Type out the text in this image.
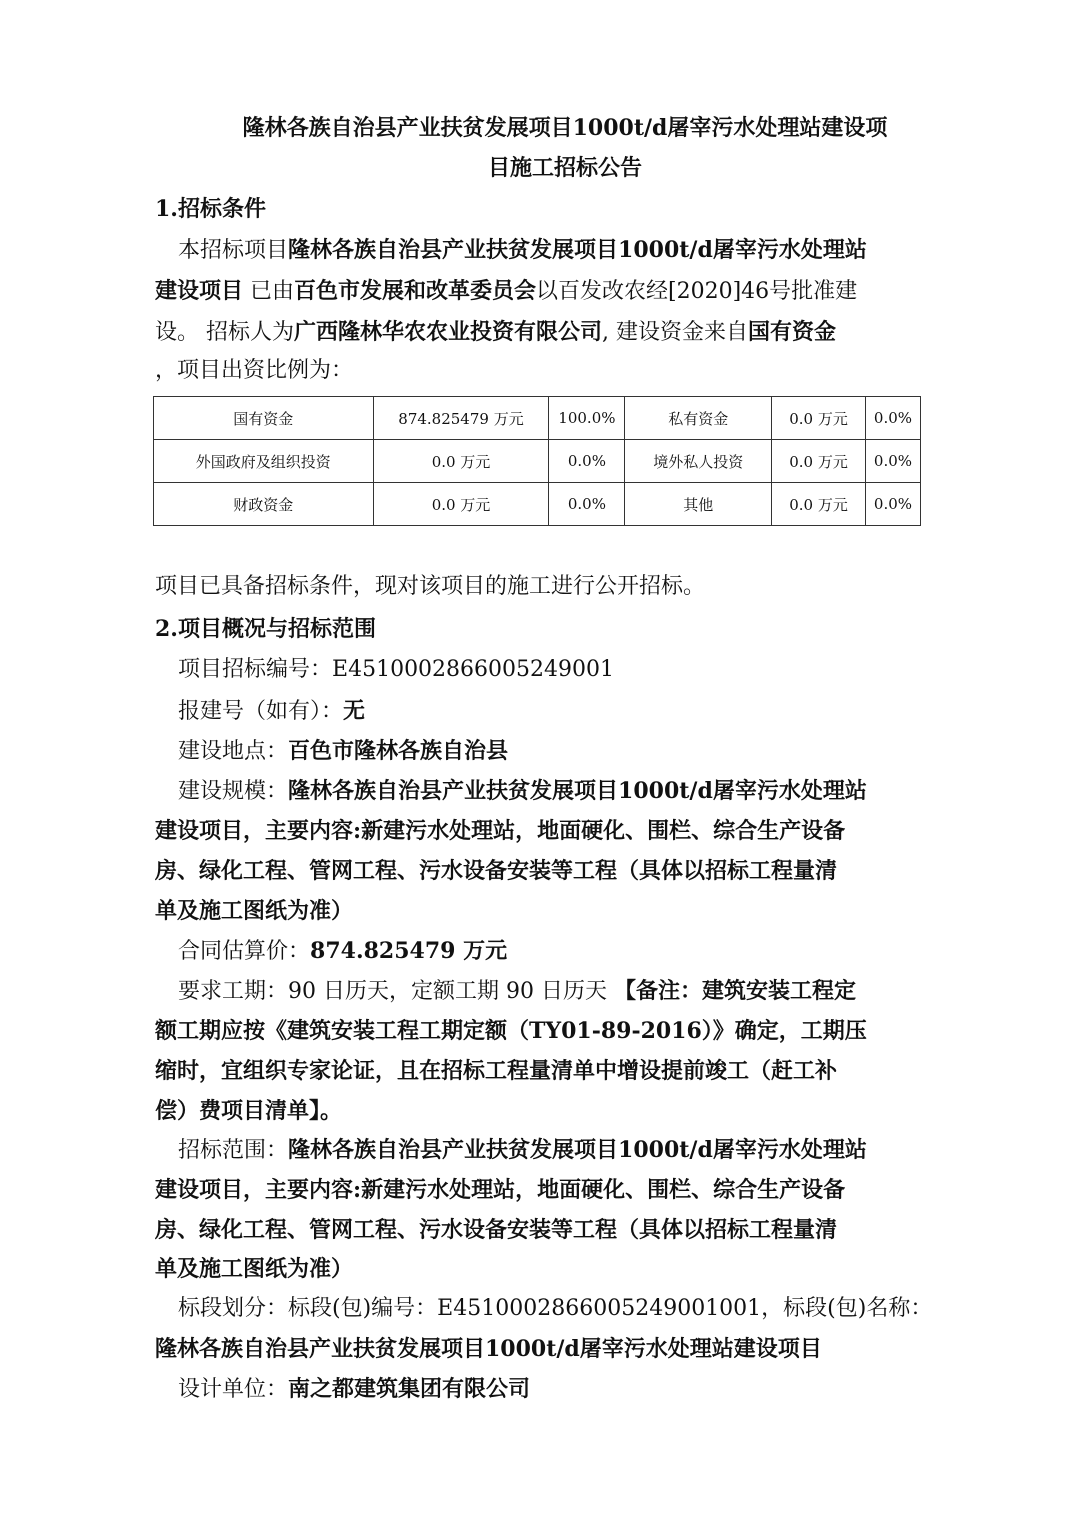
隆林各族自治县产业扶贫发展项目1000t/d屠宰污水处理站建设项
目施工招标公告
1.招标条件
本招标项目隆林各族自治县产业扶贫发展项目1000t/d屠宰污水处理站
建设项目 已由百色市发展和改革委员会以百发改农经[2020]46号批准建
设。 招标人为广西隆林华农农业投资有限公司, 建设资金来自国有资金
，项目出资比例为：
国有资金	874.825479 万元	100.0%	私有资金	0.0 万元	0.0%
外国政府及组织投资	0.0 万元	0.0%	境外私人投资	0.0 万元	0.0%
财政资金	0.0 万元	0.0%	其他	0.0 万元	0.0%
项目已具备招标条件，现对该项目的施工进行公开招标。
2.项目概况与招标范围
项目招标编号：E4510002866005249001
报建号（如有）：无
建设地点：百色市隆林各族自治县
建设规模：隆林各族自治县产业扶贫发展项目1000t/d屠宰污水处理站
建设项目，主要内容:新建污水处理站，地面硬化、围栏、综合生产设备
房、绿化工程、管网工程、污水设备安装等工程（具体以招标工程量清
单及施工图纸为准）
合同估算价：874.825479 万元
要求工期：90 日历天，定额工期 90 日历天 【备注：建筑安装工程定
额工期应按《建筑安装工程工期定额（TY01-89-2016）》确定，工期压
缩时，宜组织专家论证，且在招标工程量清单中增设提前竣工（赶工补
偿）费项目清单】。
招标范围：隆林各族自治县产业扶贫发展项目1000t/d屠宰污水处理站
建设项目，主要内容:新建污水处理站，地面硬化、围栏、综合生产设备
房、绿化工程、管网工程、污水设备安装等工程（具体以招标工程量清
单及施工图纸为准）
标段划分：标段(包)编号：E4510002866005249001001，标段(包)名称：
隆林各族自治县产业扶贫发展项目1000t/d屠宰污水处理站建设项目
设计单位：南之都建筑集团有限公司
